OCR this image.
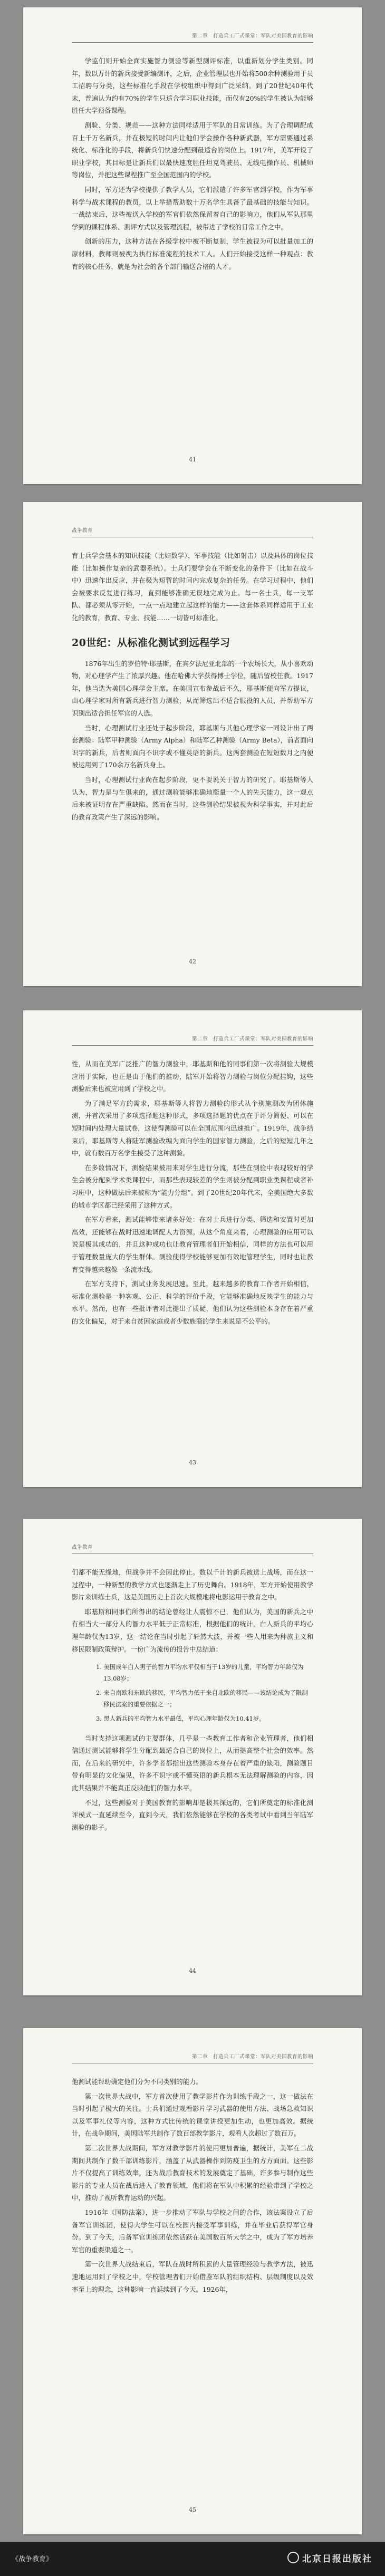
第二章　打造兵工厂式课堂：军队对美国教育的影响

学监们则开始全面实施智力测验等新型测评标准，以重新划分学生类别。同年，数以万计的新兵接受新编测评，之后，企业管理层也开始将500余种测验用于员工招聘与分类，这些标准化手段在学校组织中得到广泛采纳。到了20世纪40年代末，普遍认为约有70%的学生只适合学习职业技能，而仅有20%的学生被认为能够胜任大学预备课程。

测验、分类、规范——这种方法同样适用于军队的日常训练。为了合理调配成百上千万名新兵，并在极短的时间内让他们学会操作各种新武器，军方需要通过系统化、标准化的手段，将新兵们快速分配到最适合的岗位上。1917年，美军开设了职业学校，其目标是让新兵们以最快速度胜任坦克驾驶员、无线电操作员、机械师等岗位，并把这些课程推广至全国范围内的学校。

同时，军方还为学校提供了教学人员，它们派遣了许多军官到学校，作为军事科学与战术课程的教员，以上举措帮助数十万名学生具备了最基础的技能与知识。一战结束后，这些被送入学校的军官们依然保留着自己的影响力，他们从军队那里学到的课程体系、测评方式以及管理流程，被带进了学校的日常工作之中。

创新的压力，这种方法在各级学校中被不断复制，学生被视为可以批量加工的原材料，教师则被视为执行标准流程的技术工人。人们开始接受这样一种观点：教育的核心任务，就是为社会的各个部门输送合格的人才。

41
战争教育

育士兵学会基本的知识技能（比如数学）、军事技能（比如射击）以及具体的岗位技能（比如操作复杂的武器系统）。士兵们要学会在不断变化的条件下（比如在战斗中）迅速作出反应，并在极为短暂的时间内完成复杂的任务。在学习过程中，他们会被要求反复进行练习，直到能够准确无误地完成为止。每一名士兵，每一支军队、都必须从零开始，一点一点地建立起这样的能力——这套体系同样适用于工业化的教育，教育、专业、技能……一切皆可标准化。

20世纪：从标准化测试到远程学习

1876年出生的罗伯特·耶基斯，在宾夕法尼亚北部的一个农场长大，从小喜欢动物，对心理学产生了浓厚兴趣。他在哈佛大学获得博士学位，随后留校任教。1917年，他当选为美国心理学会主席。在美国宣布参战后不久，耶基斯便向军方提议，由心理学家对所有新兵进行智力测验，从而筛选出不适合服役的人员，并帮助军方识别出适合担任军官的人选。

当时，心理测试行业还处于起步阶段，耶基斯与其他心理学家一同设计出了两套测验：陆军甲种测验（Army Alpha）和陆军乙种测验（Army Beta），前者面向识字的新兵，后者则面向不识字或不懂英语的新兵。这两套测验在短短数月之内便被运用到了170余万名新兵身上。

当时，心理测试行业尚在起步阶段，更不要说关于智力的研究了。耶基斯等人认为，智力是与生俱来的，通过测验能够准确地衡量一个人的先天能力，这一观点后来被证明存在严重缺陷。然而在当时，这些测验结果被视为科学事实，并对此后的教育政策产生了深远的影响。

42
第二章　打造兵工厂式课堂：军队对美国教育的影响

性，从而在美军广泛推广的智力测验中，耶基斯和他的同事们第一次将测验大规模应用于实际，也正是由于他们的推动，陆军开始将智力测验与岗位分配挂钩，这些测验后来也被应用到了学校之中。

为了满足军方的需求，耶基斯等人将智力测验的形式从个别施测改为团体施测，并首次采用了多项选择题这种形式，多项选择题的优点在于评分简便、可以在短时间内处理大量试卷，这使得测验可以在全国范围内迅速推广。1919年，战争结束后，耶基斯等人将陆军测验改编为面向学生的国家智力测验，之后的短短几年之中，就有数百万名学生接受了这种测验。

在多数情况下，测验结果被用来对学生进行分流，那些在测验中表现较好的学生会被分配到学术类课程中，而那些表现较差的学生则被分配到职业类课程或者补习班中，这种做法后来被称为“能力分组”。到了20世纪20年代末，全美国绝大多数的城市学区都已经采用了这种方式。

在军方看来，测试能够带来诸多好处：在对士兵进行分类、筛选和安置时更加高效，还能够在战时迅速地调配人力资源。从这个角度来看，心理测验的应用可以说是极其成功的，并且这种成功也让教育管理者们开始相信，同样的方法也可以用于管理数量庞大的学生群体。测验使得学校能够更加有效地管理学生，同时也让教育变得越来越像一条流水线。

在军方支持下，测试业务发展迅速。至此，越来越多的教育工作者开始相信，标准化测验是一种客观、公正、科学的评价手段，它能够准确地反映学生的能力与水平。然而，也有一些批评者对此提出了质疑，他们认为这些测验本身存在着严重的文化偏见，对于来自贫困家庭或者少数族裔的学生来说是不公平的。

43
战争教育

们都不能无缘地，但战争并不会因此停止。数以千计的新兵被送上战场，而在这一过程中，一种新型的教学方式也逐渐走上了历史舞台。1918年，军方开始使用教学影片来训练士兵，这是美国历史上首次大规模地将电影运用于教育之中。

耶基斯和同事们所得出的结论曾经让人震惊不已，他们认为，美国的新兵之中有相当大一部分人的智力水平低于正常标准，根据他们的统计，白人新兵的平均心理年龄仅为13岁，这一结论在当时引起了轩然大波，并被一些人用来为种族主义和移民限制政策辩护。一份广为流传的报告中总结道：

1. 美国成年白人男子的智力平均水平仅相当于13岁的儿童，平均智力年龄仅为13.08岁；
2. 来自南欧和东欧的移民，平均智力低于来自北欧的移民——该结论成为了限制移民法案的重要依据之一；
3. 黑人新兵的平均智力水平最低，平均心理年龄仅为10.41岁。

当时支持这项测试的主要群体，几乎是一些教育工作者和企业管理者，他们相信通过测试能够将学生分配到最适合自己的岗位上，从而提高整个社会的效率。然而，在后来的研究中，许多学者都指出这些测验本身存在着严重的缺陷，测验题目带有明显的文化偏见，许多不识字或不懂英语的新兵根本无法理解测验的内容，因此其结果并不能真正反映他们的智力水平。

不过，这些测验对于美国教育的影响却是极其深远的，它们所奠定的标准化测评模式一直延续至今，直到今天，我们依然能够在学校的各类考试中看到当年陆军测验的影子。

44
第二章　打造兵工厂式课堂：军队对美国教育的影响

他测试能帮助确定他们分为不同类别的能力。

第一次世界大战中，军方首次使用了教学影片作为训练手段之一，这一做法在当时引起了极大的关注。士兵们通过观看影片学习武器的使用方法、战场急救知识以及军事礼仪等内容，这种方式比传统的课堂讲授更加生动，也更加高效。据统计，在战争期间，美国陆军共制作了数百部教学影片，观看人次超过了数百万。

第二次世界大战期间，军方对教学影片的使用更加普遍，据统计，美军在二战期间共制作了数千部训练影片，涵盖了从武器操作到防疫卫生的方方面面。这些影片不仅提高了训练效率，还为战后教育技术的发展奠定了基础，许多参与制作这些影片的专业人员在战后进入了教育领域，他们将在军队中积累的经验带到了学校之中，推动了视听教育运动的兴起。

1916年《国防法案》，进一步推动了军队与学校之间的合作，该法案设立了后备军官训练团，使得大学生可以在校园内接受军事训练，并在毕业后获得军官身份。到了今天，后备军官训练团依然活跃在美国数百所大学之中，成为了军方培养军官的重要渠道之一。

第一次世界大战结束后，军队在战时所积累的大量管理经验与教学方法，被迅速地运用到了学校之中，学校管理者们开始借鉴军队的组织结构、层级制度以及效率至上的理念，这种影响一直延续到了今天。1926年，

45
《战争教育》	北京日报出版社
